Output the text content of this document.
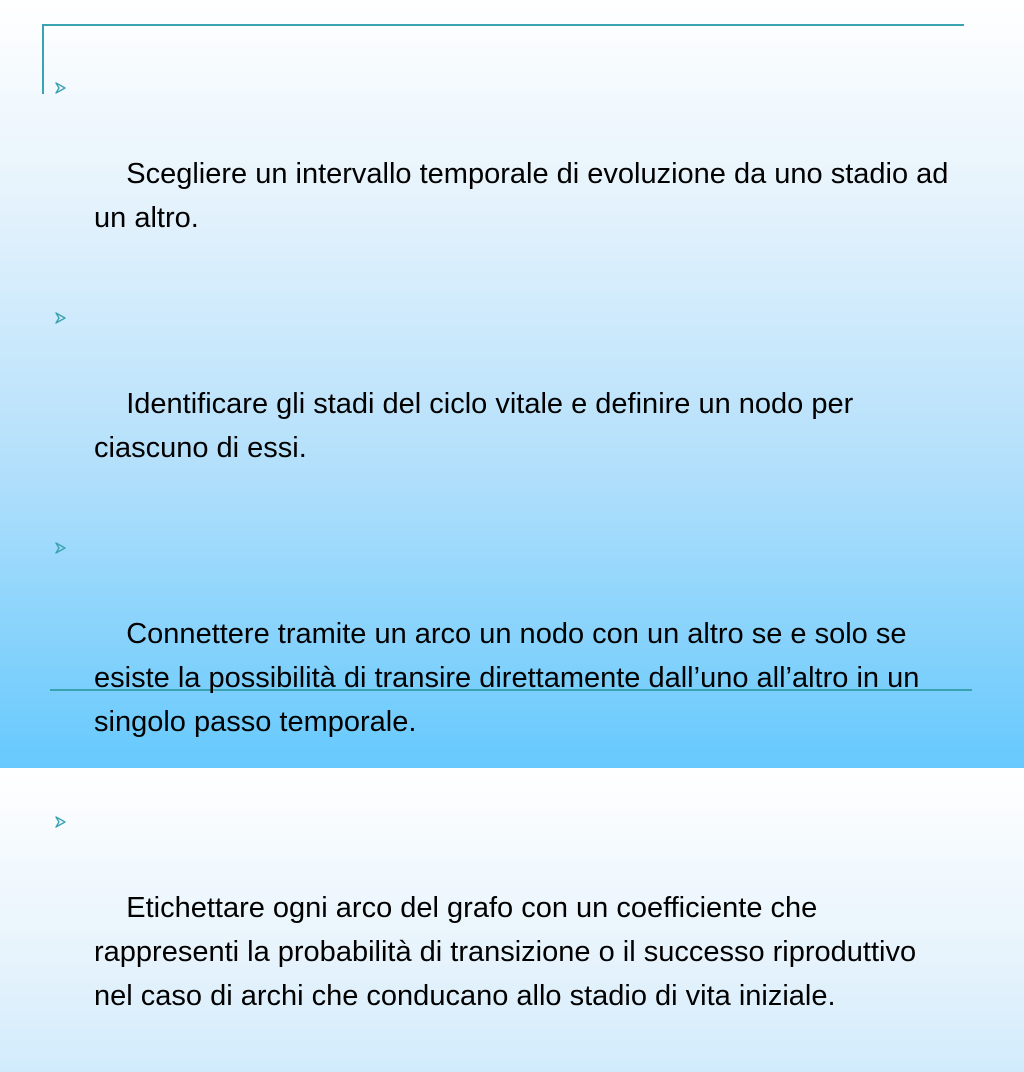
Scegliere un intervallo temporale di evoluzione da uno stadio ad un altro.

Identificare gli stadi del ciclo vitale e definire un nodo per ciascuno di essi.

Connettere tramite un arco un nodo con un altro se e solo se  esiste la possibilità di transire direttamente dall’uno all’altro in un singolo passo temporale.

Etichettare ogni arco del grafo con un coefficiente che rappresenti la probabilità di transizione o il successo riproduttivo nel caso di archi che conducano allo stadio di vita iniziale.
